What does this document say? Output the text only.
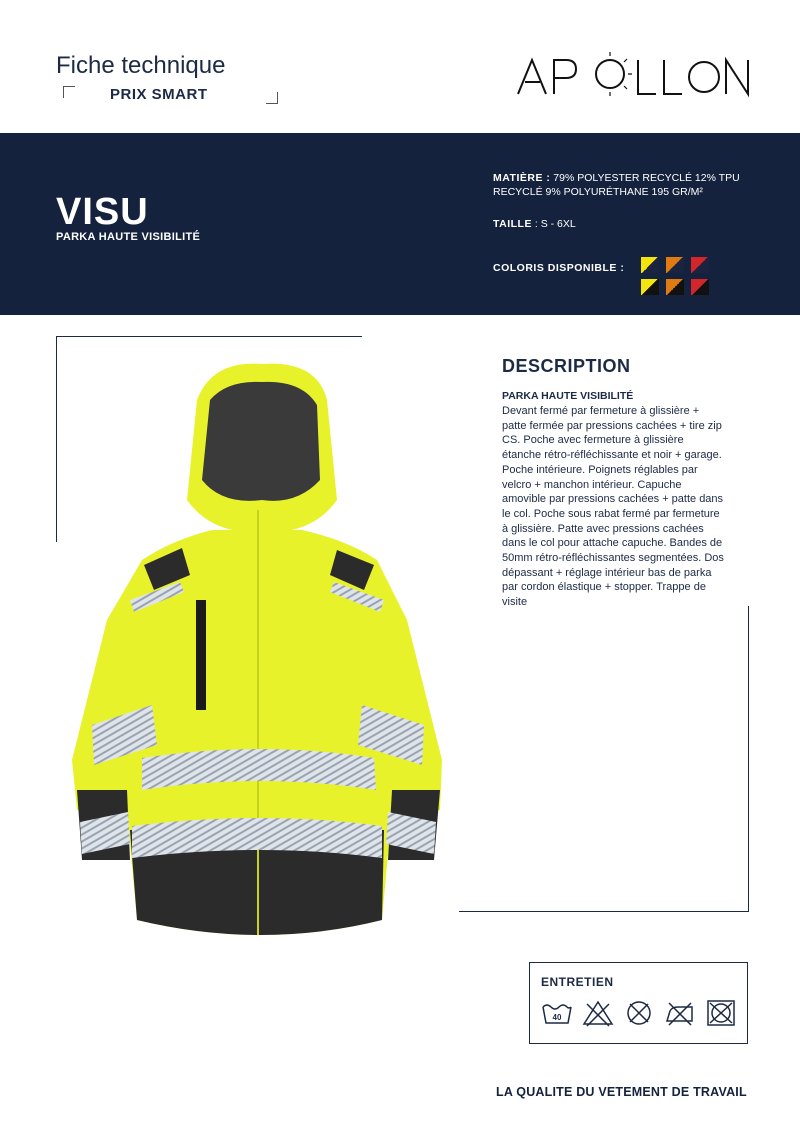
Fiche technique
PRIX SMART
VISU
PARKA HAUTE VISIBILITÉ
MATIÈRE : 79% POLYESTER RECYCLÉ 12% TPU RECYCLÉ 9% POLYURÉTHANE 195 GR/M²
TAILLE : S - 6XL
COLORIS DISPONIBLE :
DESCRIPTION
PARKA HAUTE VISIBILITÉ
Devant fermé par fermeture à glissière + patte fermée par pressions cachées + tire zip CS. Poche avec fermeture à glissière étanche rétro-réfléchissante et noir + garage. Poche intérieure. Poignets réglables par velcro + manchon intérieur. Capuche amovible par pressions cachées + patte dans le col. Poche sous rabat fermé par fermeture à glissière. Patte avec pressions cachées dans le col pour attache capuche. Bandes de 50mm rétro-réfléchissantes segmentées. Dos dépassant + réglage intérieur bas de parka par cordon élastique + stopper. Trappe de visite
ENTRETIEN
40
LA QUALITE DU VETEMENT DE TRAVAIL
